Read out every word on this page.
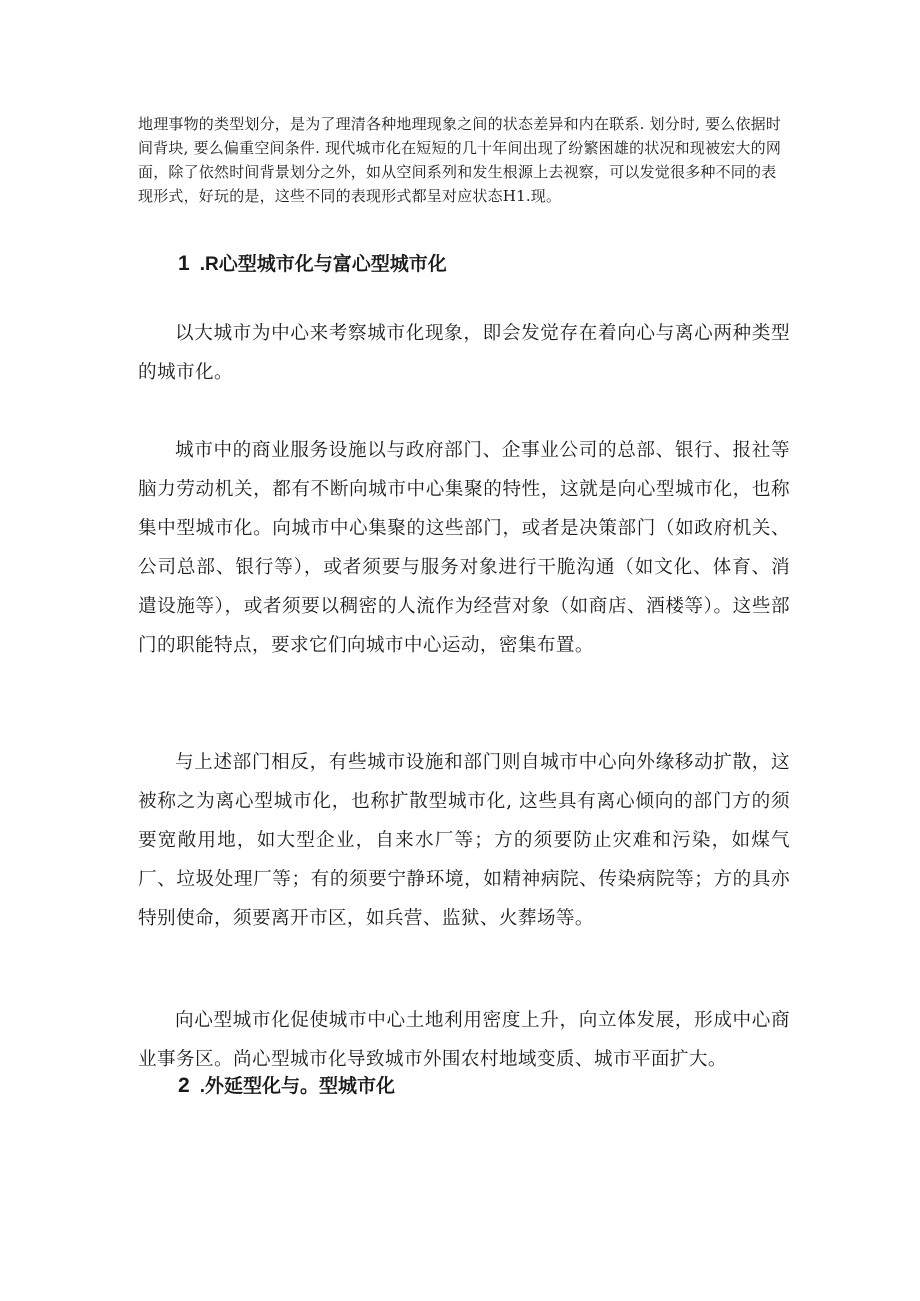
地理事物的类型划分，是为了理清各种地理现象之间的状态差异和内在联系. 划分时, 要么依据时间背块, 要么偏重空间条件. 现代城市化在短短的几十年间出现了纷繁困雄的状况和现被宏大的网面，除了依然时间背景划分之外，如从空间系列和发生根源上去视察，可以发觉很多种不同的表现形式，好玩的是，这些不同的表现形式都呈对应状态H1.现。

1 .R心型城市化与富心型城市化

以大城市为中心来考察城市化现象，即会发觉存在着向心与离心两种类型的城市化。

城市中的商业服务设施以与政府部门、企事业公司的总部、银行、报社等脑力劳动机关，都有不断向城市中心集聚的特性，这就是向心型城市化，也称集中型城市化。向城市中心集聚的这些部门，或者是决策部门（如政府机关、公司总部、银行等），或者须要与服务对象进行干脆沟通（如文化、体育、消遣设施等），或者须要以稠密的人流作为经营对象（如商店、酒楼等）。这些部门的职能特点，要求它们向城市中心运动，密集布置。

与上述部门相反，有些城市设施和部门则自城市中心向外缘移动扩散，这被称之为离心型城市化，也称扩散型城市化, 这些具有离心倾向的部门方的须要宽敞用地，如大型企业，自来水厂等；方的须要防止灾难和污染，如煤气厂、垃圾处理厂等；有的须要宁静环境，如精神病院、传染病院等；方的具亦特别使命，须要离开市区，如兵营、监狱、火葬场等。

向心型城市化促使城市中心土地利用密度上升，向立体发展，形成中心商业事务区。尚心型城市化导致城市外围农村地域变质、城市平面扩大。

2 .外延型化与。型城市化
